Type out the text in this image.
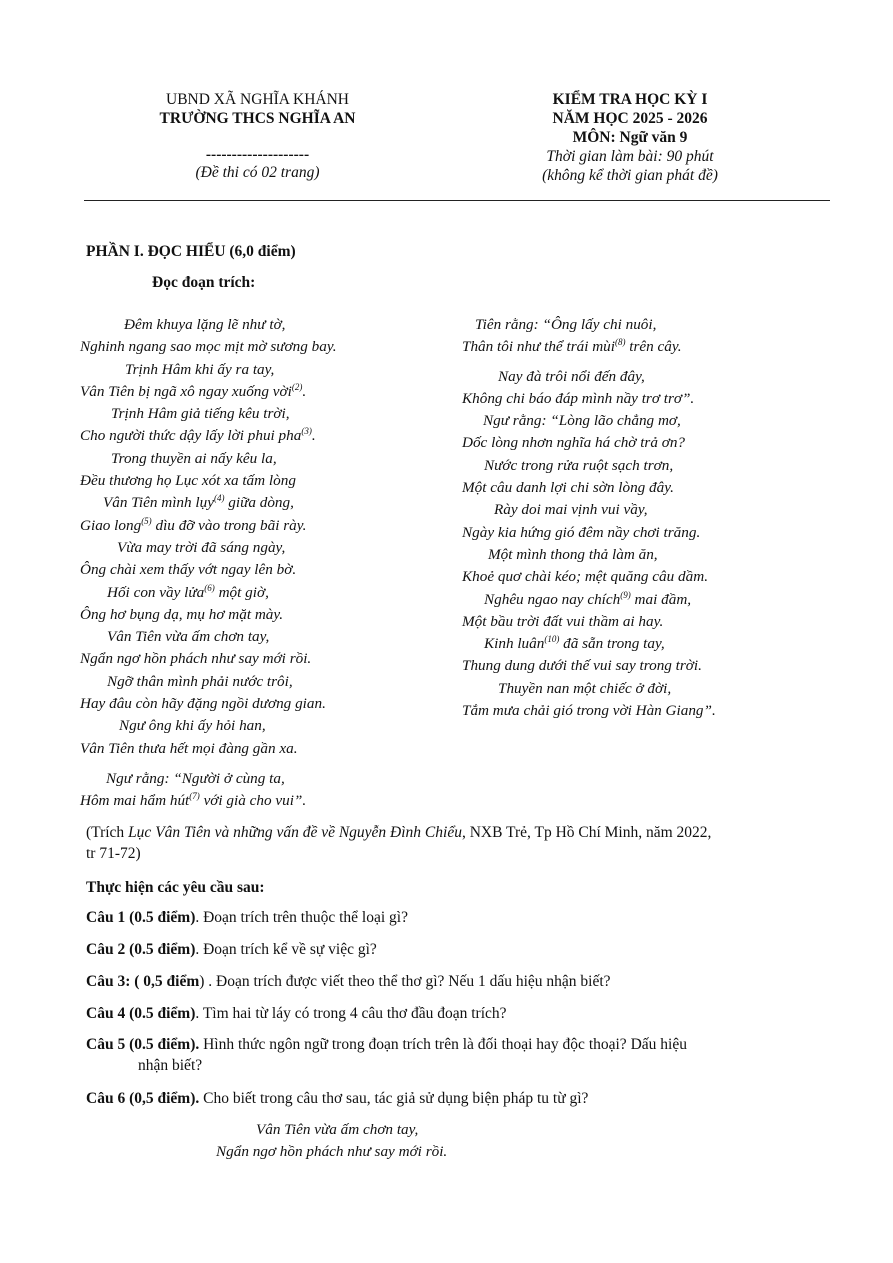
UBND XÃ NGHĨA KHÁNH
TRƯỜNG THCS NGHĨA AN
--------------------
(Đề thi có 02 trang)
KIỂM TRA HỌC KỲ I
NĂM HỌC 2025 - 2026
MÔN: Ngữ văn 9
Thời gian làm bài: 90 phút
(không kể thời gian phát đề)
PHẦN I. ĐỌC HIỂU (6,0 điểm)
Đọc đoạn trích:
Đêm khuya lặng lẽ như tờ,
Nghinh ngang sao mọc mịt mờ sương bay.
Trịnh Hâm khi ấy ra tay,
Vân Tiên bị ngã xô ngay xuống vời$^{(2)}$.
Trịnh Hâm giả tiếng kêu trời,
Cho người thức dậy lấy lời phui pha$^{(3)}$.
Trong thuyền ai nấy kêu la,
Đều thương họ Lục xót xa tấm lòng
Vân Tiên mình lụy$^{(4)}$ giữa dòng,
Giao long$^{(5)}$ dìu đỡ vào trong bãi rày.
Vừa may trời đã sáng ngày,
Ông chài xem thấy vớt ngay lên bờ.
Hối con vầy lửa$^{(6)}$ một giờ,
Ông hơ bụng dạ, mụ hơ mặt mày.
Vân Tiên vừa ấm chơn tay,
Ngẩn ngơ hồn phách như say mới rồi.
Ngỡ thân mình phải nước trôi,
Hay đâu còn hãy đặng ngồi dương gian.
Ngư ông khi ấy hỏi han,
Vân Tiên thưa hết mọi đàng gần xa.
Ngư rằng: “Người ở cùng ta,
Hôm mai hẩm hút$^{(7)}$ với già cho vui”.
Tiên rằng: “Ông lấy chi nuôi,
Thân tôi như thể trái mùi$^{(8)}$ trên cây.
Nay đà trôi nổi đến đây,
Không chi báo đáp mình nầy trơ trơ”.
Ngư rằng: “Lòng lão chẳng mơ,
Dốc lòng nhơn nghĩa há chờ trả ơn?
Nước trong rửa ruột sạch trơn,
Một câu danh lợi chi sờn lòng đây.
Rày doi mai vịnh vui vầy,
Ngày kia hứng gió đêm nầy chơi trăng.
Một mình thong thả làm ăn,
Khoẻ quơ chài kéo; mệt quăng câu dầm.
Nghêu ngao nay chích$^{(9)}$ mai đầm,
Một bầu trời đất vui thầm ai hay.
Kinh luân$^{(10)}$ đã sẵn trong tay,
Thung dung dưới thế vui say trong trời.
Thuyền nan một chiếc ở đời,
Tắm mưa chải gió trong vời Hàn Giang”.
(Trích Lục Vân Tiên và những vấn đề về Nguyễn Đình Chiểu, NXB Trẻ, Tp Hồ Chí Minh, năm 2022,
tr 71-72)
Thực hiện các yêu cầu sau:
Câu 1 (0.5 điểm). Đoạn trích trên thuộc thể loại gì?
Câu 2 (0.5 điểm). Đoạn trích kể về sự việc gì?
Câu 3: ( 0,5 điểm) . Đoạn trích được viết theo thể thơ gì? Nếu 1 dấu hiệu nhận biết?
Câu 4 (0.5 điểm). Tìm hai từ láy có trong 4 câu thơ đầu đoạn trích?
Câu 5 (0.5 điểm). Hình thức ngôn ngữ trong đoạn trích trên là đối thoại hay độc thoại? Dấu hiệu
nhận biết?
Câu 6 (0,5 điểm). Cho biết trong câu thơ sau, tác giả sử dụng biện pháp tu từ gì?
Vân Tiên vừa ấm chơn tay,
Ngẩn ngơ hồn phách như say mới rồi.
